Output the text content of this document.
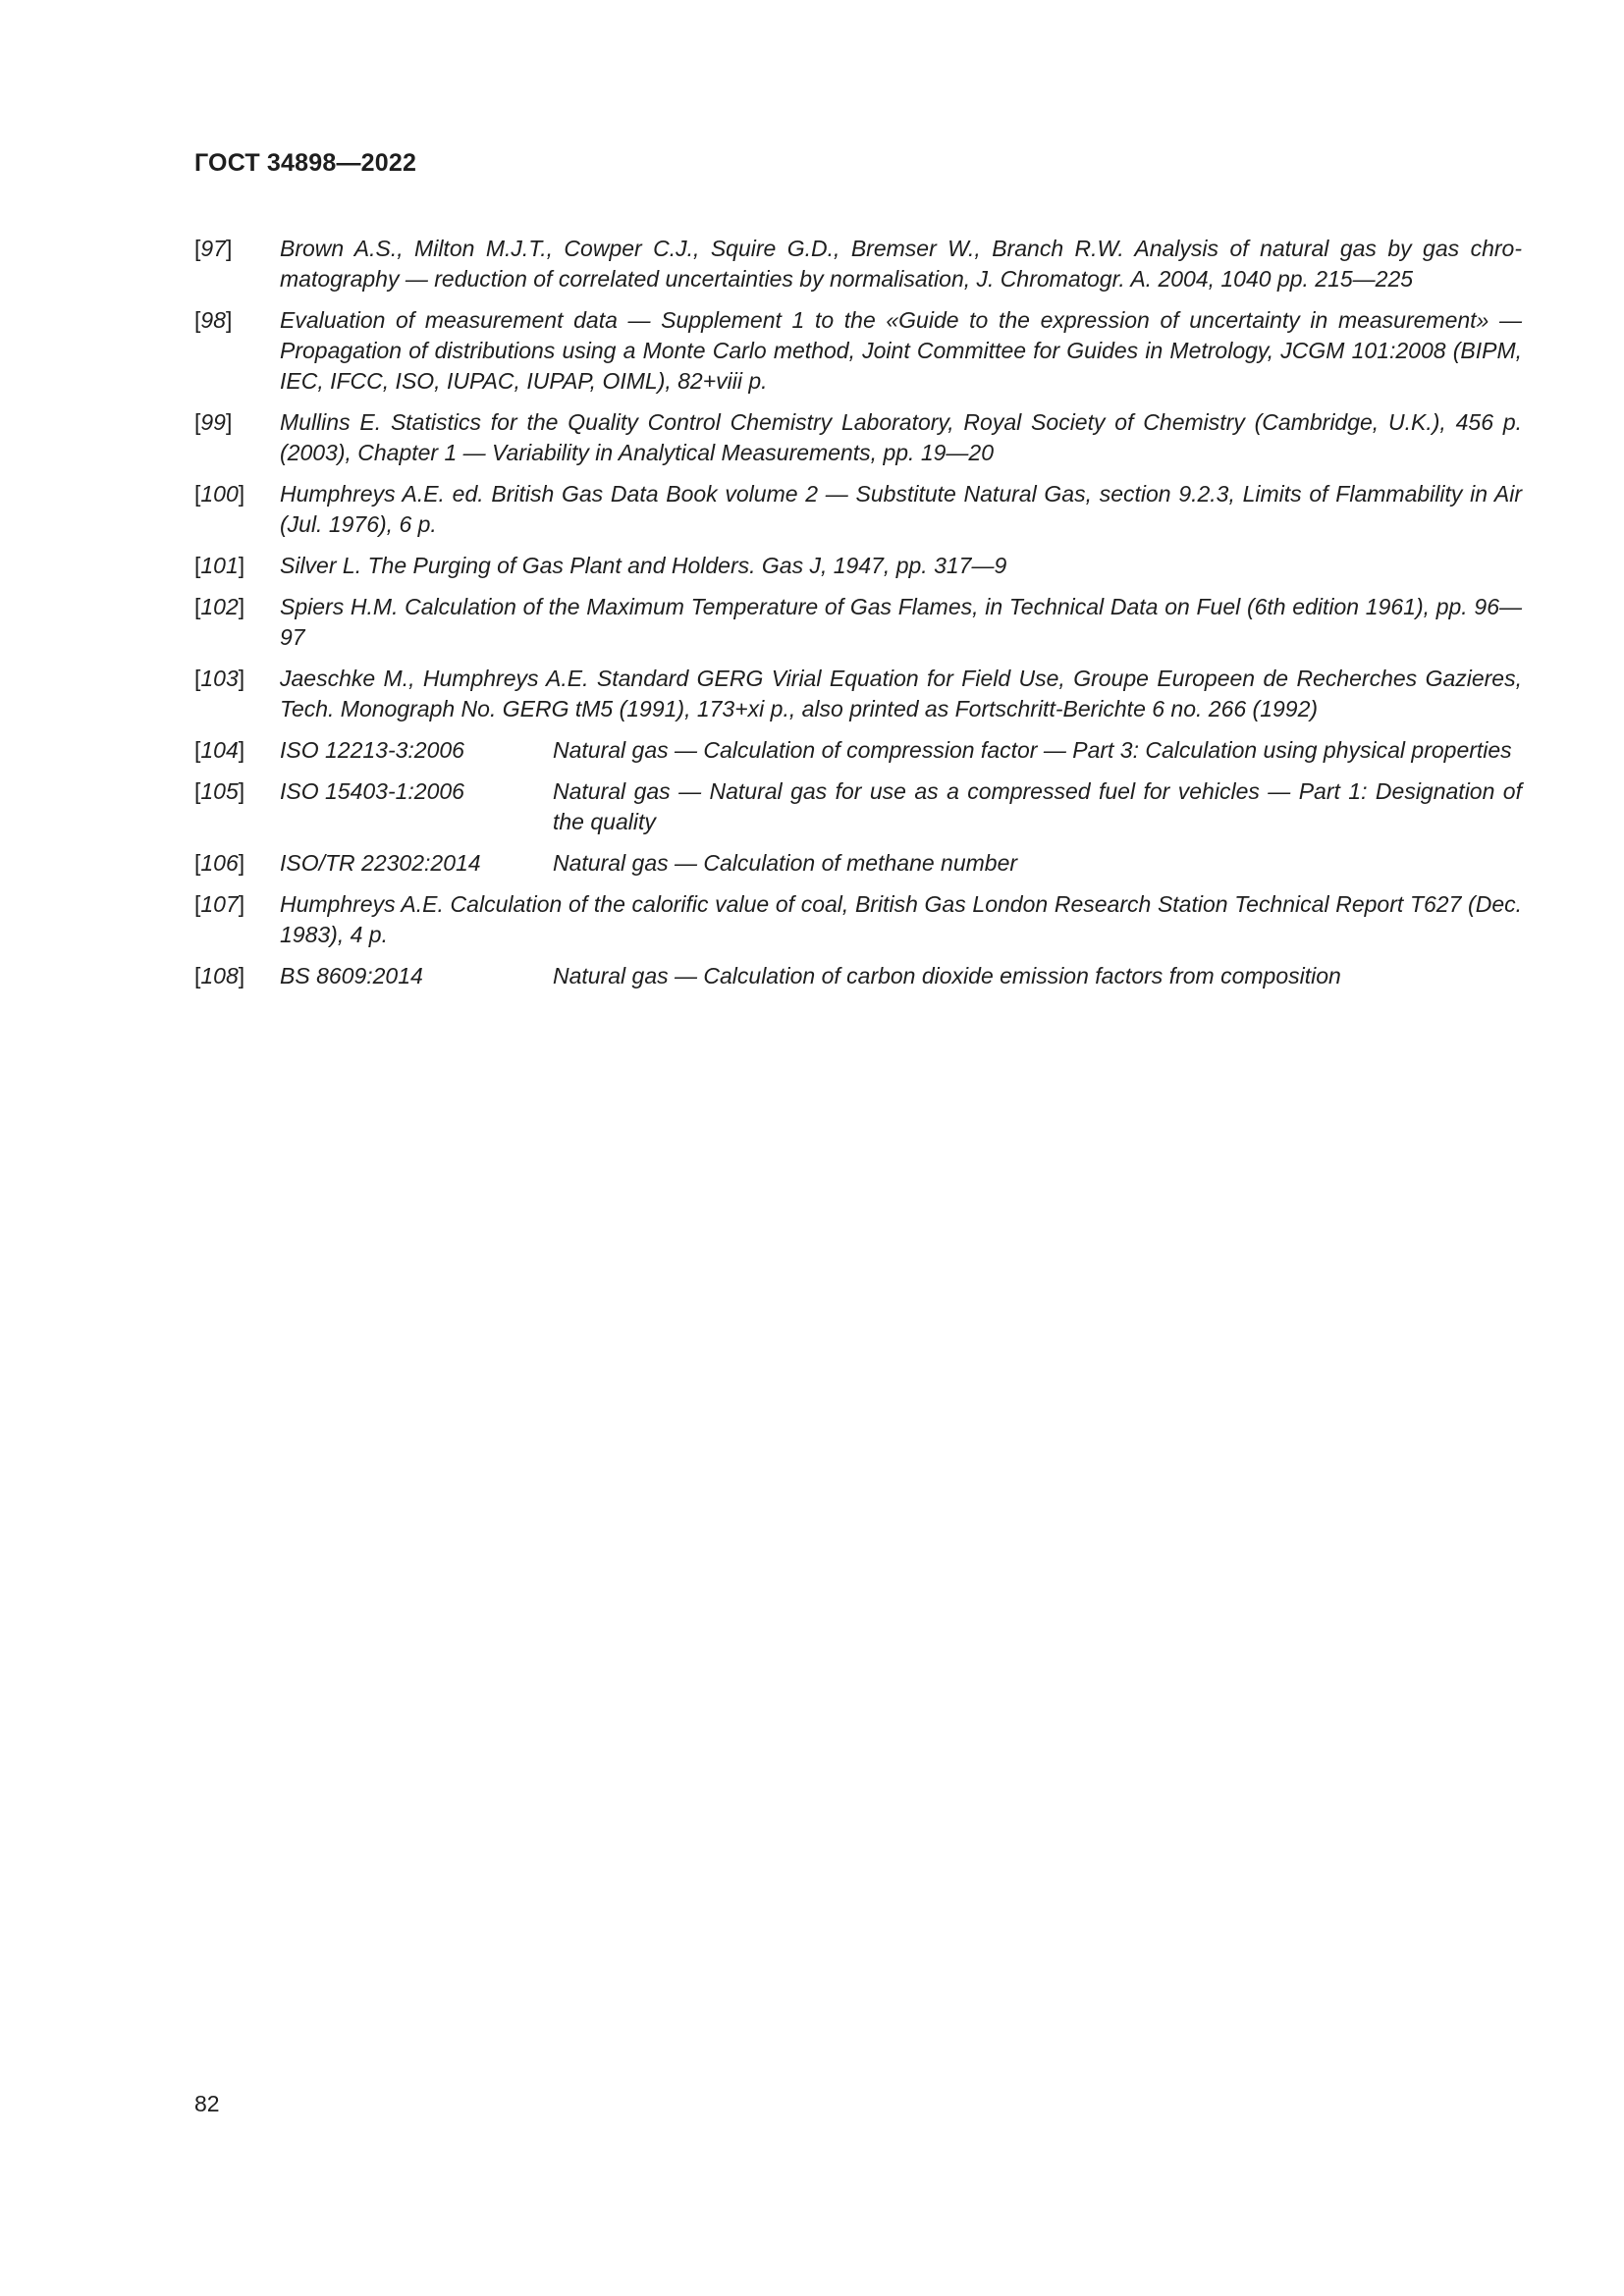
ГОСТ 34898—2022
[97]	Brown A.S., Milton M.J.T., Cowper C.J., Squire G.D., Bremser W., Branch R.W. Analysis of natural gas by gas chromatography — reduction of correlated uncertainties by normalisation, J. Chromatogr. A. 2004, 1040 pp. 215—225
[98]	Evaluation of measurement data — Supplement 1 to the «Guide to the expression of uncertainty in measurement» — Propagation of distributions using a Monte Carlo method, Joint Committee for Guides in Metrology, JCGM 101:2008 (BIPM, IEC, IFCC, ISO, IUPAC, IUPAP, OIML), 82+viii p.
[99]	Mullins E. Statistics for the Quality Control Chemistry Laboratory, Royal Society of Chemistry (Cambridge, U.K.), 456 p.(2003), Chapter 1 — Variability in Analytical Measurements, pp. 19—20
[100]	Humphreys A.E. ed. British Gas Data Book volume 2 — Substitute Natural Gas, section 9.2.3, Limits of Flammability in Air (Jul. 1976), 6 p.
[101]	Silver L. The Purging of Gas Plant and Holders. Gas J, 1947, pp. 317—9
[102]	Spiers H.M. Calculation of the Maximum Temperature of Gas Flames, in Technical Data on Fuel (6th edition 1961), pp. 96—97
[103]	Jaeschke M., Humphreys A.E. Standard GERG Virial Equation for Field Use, Groupe Europeen de Recherches Gazieres, Tech. Monograph No. GERG tM5 (1991), 173+xi p., also printed as Fortschritt-Berichte 6 no. 266 (1992)
[104]	ISO 12213-3:2006	Natural gas — Calculation of compression factor — Part 3: Calculation using physical properties
[105]	ISO 15403-1:2006	Natural gas — Natural gas for use as a compressed fuel for vehicles — Part 1: Designation of the quality
[106]	ISO/TR 22302:2014	Natural gas — Calculation of methane number
[107]	Humphreys A.E. Calculation of the calorific value of coal, British Gas London Research Station Technical Report T627 (Dec. 1983), 4 p.
[108]	BS 8609:2014	Natural gas — Calculation of carbon dioxide emission factors from composition
82
